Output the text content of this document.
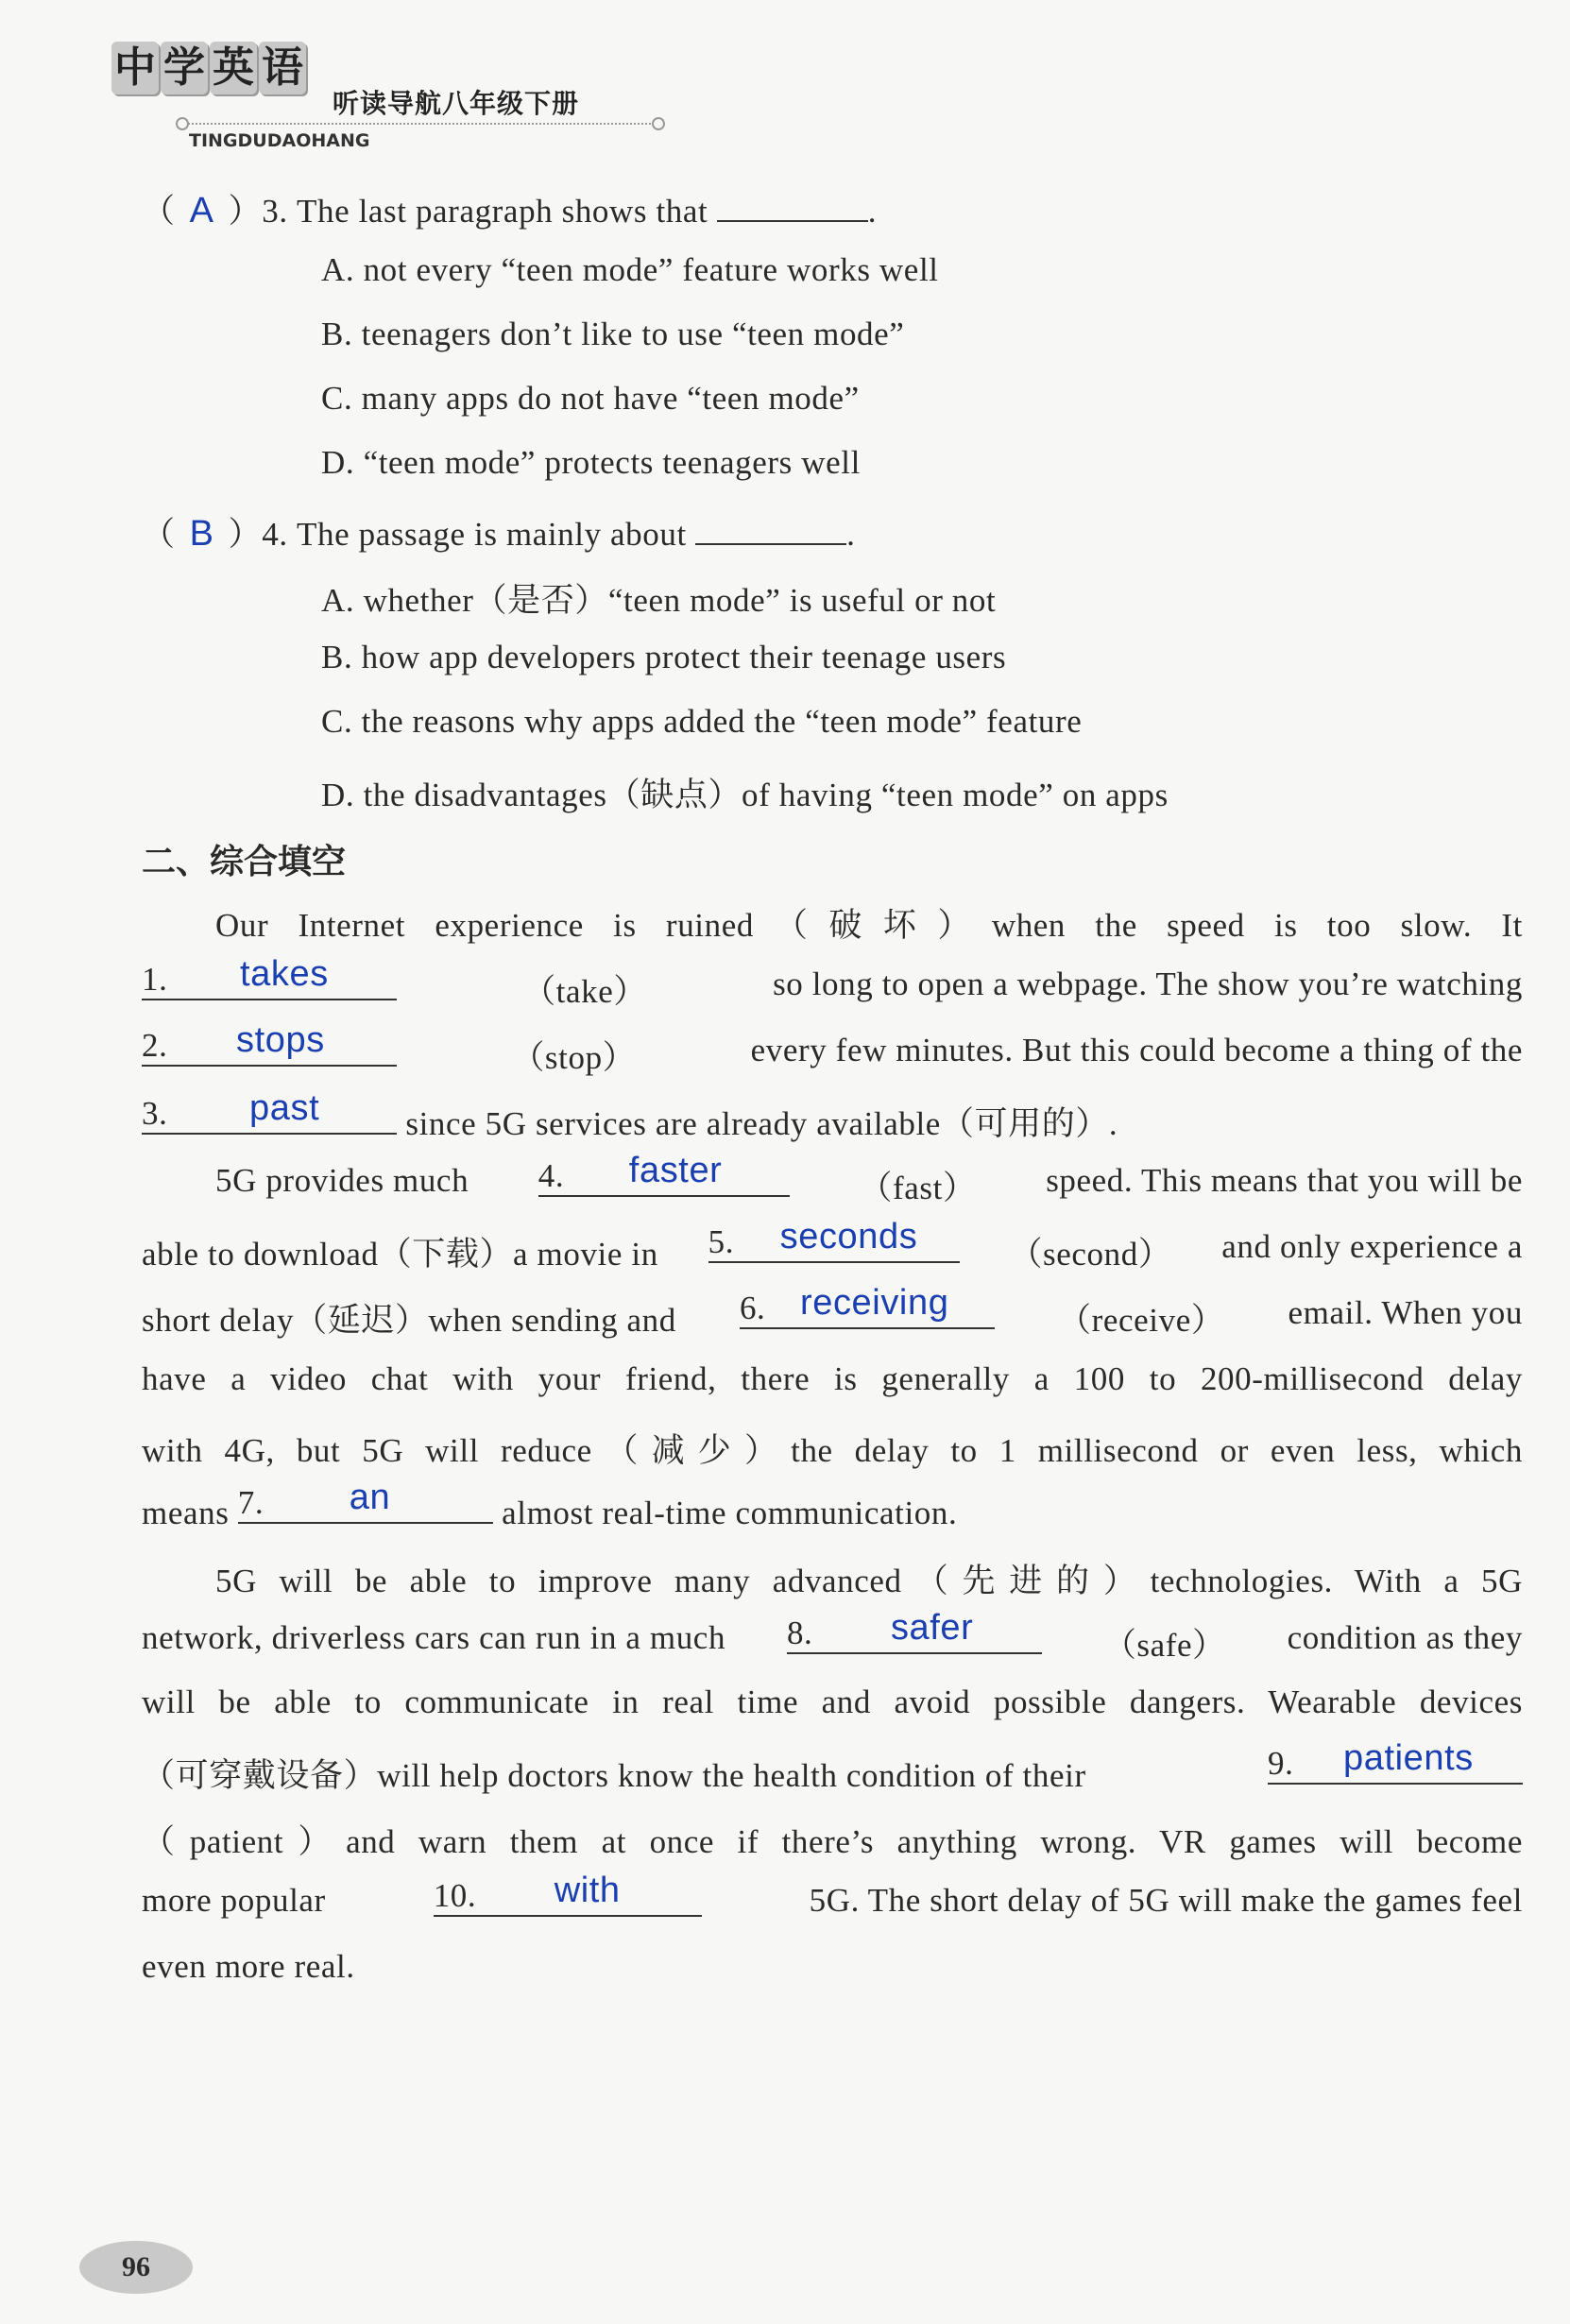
中 学 英 语
听读导航八年级下册
TINGDUDAOHANG
（ A ）3. The last paragraph shows that	.
A. not every “teen mode” feature works well
B. teenagers don’t like to use “teen mode”
C. many apps do not have “teen mode”
D. “teen mode” protects teenagers well
（ B ）4. The passage is mainly about	.
A. whether（是否）“teen mode” is useful or not
B. how app developers protect their teenage users
C. the reasons why apps added the “teen mode” feature
D. the disadvantages（缺点）of having “teen mode” on apps
二、综合填空
Our Internet experience is ruined（破坏）when the speed is too slow. It
1. takes	（take）	so long to open a webpage. The show you’re watching
2. stops	（stop）	every few minutes. But this could become a thing of the
3. past since 5G services are already available（可用的）.
5G provides much 4. faster	（fast） speed. This means that you will be
able to download（下载）a movie in 5. seconds	（second） and only experience a
short delay（延迟）when sending and 6. receiving	（receive） email. When you
have a video chat with your friend, there is generally a 100 to 200-millisecond delay
with 4G, but 5G will reduce（减少）the delay to 1 millisecond or even less, which
means 7. an	almost real-time communication.
5G will be able to improve many advanced（先进的）technologies. With a 5G
network, driverless cars can run in a much 8. safer	（safe） condition as they
will be able to communicate in real time and avoid possible dangers. Wearable devices
（可穿戴设备）will help doctors know the health condition of their	9. patients
（patient）and warn them at once if there’s anything wrong. VR games will become
more popular	10. with	5G. The short delay of 5G will make the games feel
even more real.
96
